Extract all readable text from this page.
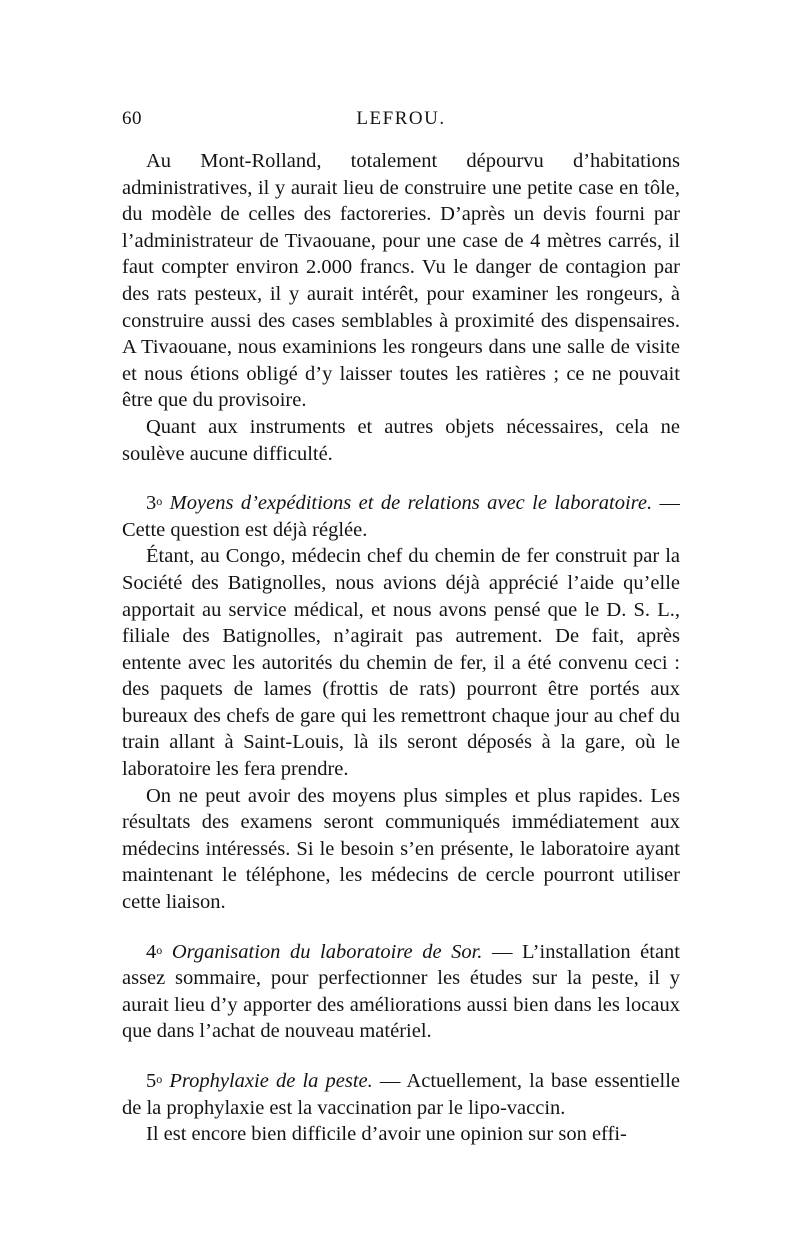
60	LEFROU.

Au Mont-Rolland, totalement dépourvu d’habitations administratives, il y aurait lieu de construire une petite case en tôle, du modèle de celles des factoreries. D’après un devis fourni par l’administrateur de Tivaouane, pour une case de 4 mètres carrés, il faut compter environ 2.000 francs. Vu le danger de contagion par des rats pesteux, il y aurait intérêt, pour examiner les rongeurs, à construire aussi des cases semblables à proximité des dispensaires. A Tivaouane, nous examinions les rongeurs dans une salle de visite et nous étions obligé d’y laisser toutes les ratières ; ce ne pouvait être que du provisoire.

Quant aux instruments et autres objets nécessaires, cela ne soulève aucune difficulté.

3$^o$ Moyens d’expéditions et de relations avec le laboratoire. — Cette question est déjà réglée.

Étant, au Congo, médecin chef du chemin de fer construit par la Société des Batignolles, nous avions déjà apprécié l’aide qu’elle apportait au service médical, et nous avons pensé que le D. S. L., filiale des Batignolles, n’agirait pas autrement. De fait, après entente avec les autorités du chemin de fer, il a été convenu ceci : des paquets de lames (frottis de rats) pourront être portés aux bureaux des chefs de gare qui les remettront chaque jour au chef du train allant à Saint-Louis, là ils seront déposés à la gare, où le laboratoire les fera prendre.

On ne peut avoir des moyens plus simples et plus rapides. Les résultats des examens seront communiqués immédiatement aux médecins intéressés. Si le besoin s’en présente, le laboratoire ayant maintenant le téléphone, les médecins de cercle pourront utiliser cette liaison.

4$^o$ Organisation du laboratoire de Sor. — L’installation étant assez sommaire, pour perfectionner les études sur la peste, il y aurait lieu d’y apporter des améliorations aussi bien dans les locaux que dans l’achat de nouveau matériel.

5$^o$ Prophylaxie de la peste. — Actuellement, la base essentielle de la prophylaxie est la vaccination par le lipo-vaccin.

Il est encore bien difficile d’avoir une opinion sur son effi-
